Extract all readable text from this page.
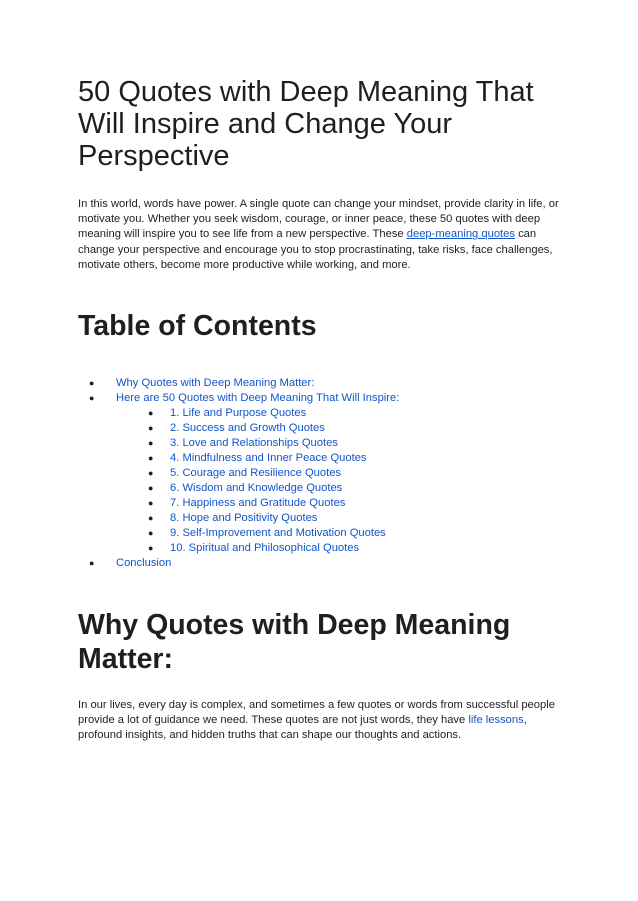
50 Quotes with Deep Meaning That Will Inspire and Change Your Perspective

In this world, words have power. A single quote can change your mindset, provide clarity in life, or motivate you. Whether you seek wisdom, courage, or inner peace, these 50 quotes with deep meaning will inspire you to see life from a new perspective. These deep-meaning quotes can change your perspective and encourage you to stop procrastinating, take risks, face challenges, motivate others, become more productive while working, and more.

Table of Contents
● Why Quotes with Deep Meaning Matter:
● Here are 50 Quotes with Deep Meaning That Will Inspire:
● 1. Life and Purpose Quotes
● 2. Success and Growth Quotes
● 3. Love and Relationships Quotes
● 4. Mindfulness and Inner Peace Quotes
● 5. Courage and Resilience Quotes
● 6. Wisdom and Knowledge Quotes
● 7. Happiness and Gratitude Quotes
● 8. Hope and Positivity Quotes
● 9. Self-Improvement and Motivation Quotes
● 10. Spiritual and Philosophical Quotes
● Conclusion
Why Quotes with Deep Meaning Matter:

In our lives, every day is complex, and sometimes a few quotes or words from successful people provide a lot of guidance we need. These quotes are not just words, they have life lessons, profound insights, and hidden truths that can shape our thoughts and actions.
